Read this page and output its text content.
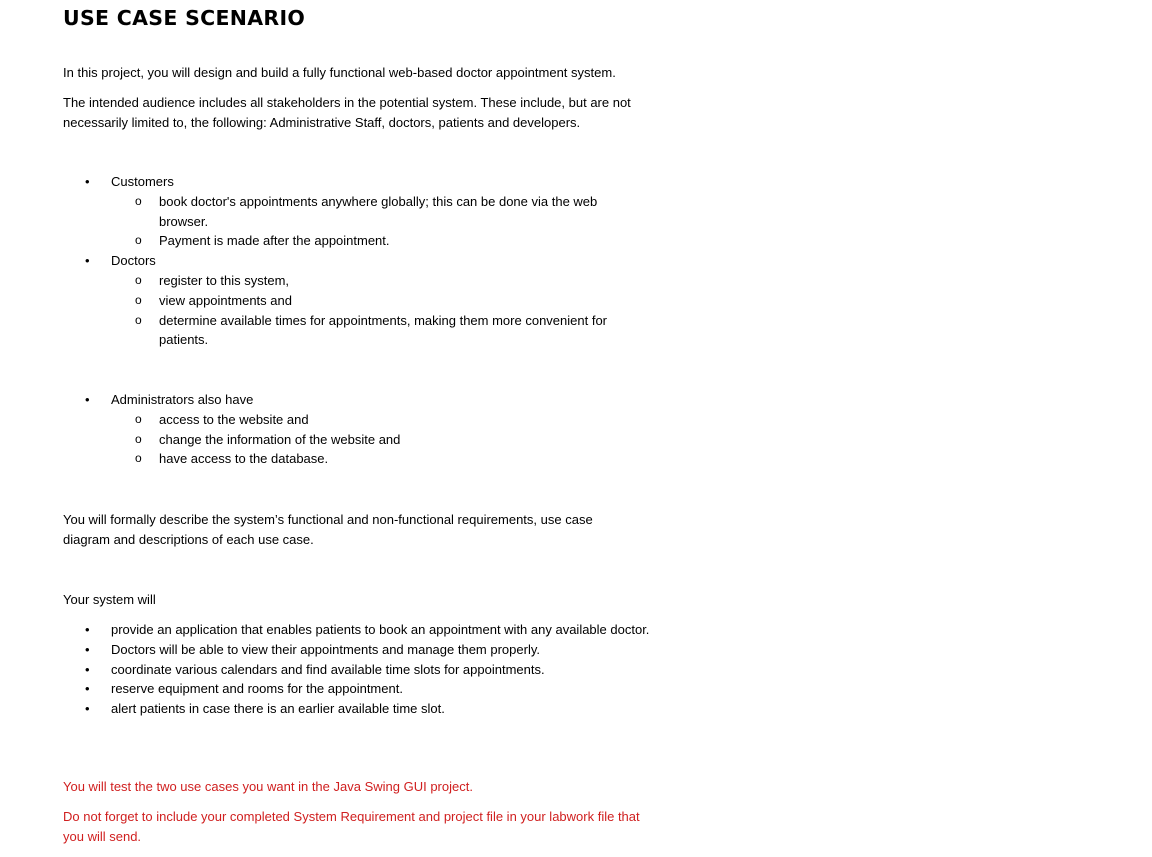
USE CASE SCENARIO
In this project, you will design and build a fully functional web-based doctor appointment system.
The intended audience includes all stakeholders in the potential system. These include, but are not necessarily limited to, the following: Administrative Staff, doctors, patients and developers.
• Customers
o book doctor's appointments anywhere globally; this can be done via the web browser.
o Payment is made after the appointment.
• Doctors
o register to this system,
o view appointments and
o determine available times for appointments, making them more convenient for patients.
• Administrators also have
o access to the website and
o change the information of the website and
o have access to the database.
You will formally describe the system’s functional and non-functional requirements, use case diagram and descriptions of each use case.
Your system will
• provide an application that enables patients to book an appointment with any available doctor.
• Doctors will be able to view their appointments and manage them properly.
• coordinate various calendars and find available time slots for appointments.
• reserve equipment and rooms for the appointment.
• alert patients in case there is an earlier available time slot.
You will test the two use cases you want in the Java Swing GUI project.
Do not forget to include your completed System Requirement and project file in your labwork file that you will send.
